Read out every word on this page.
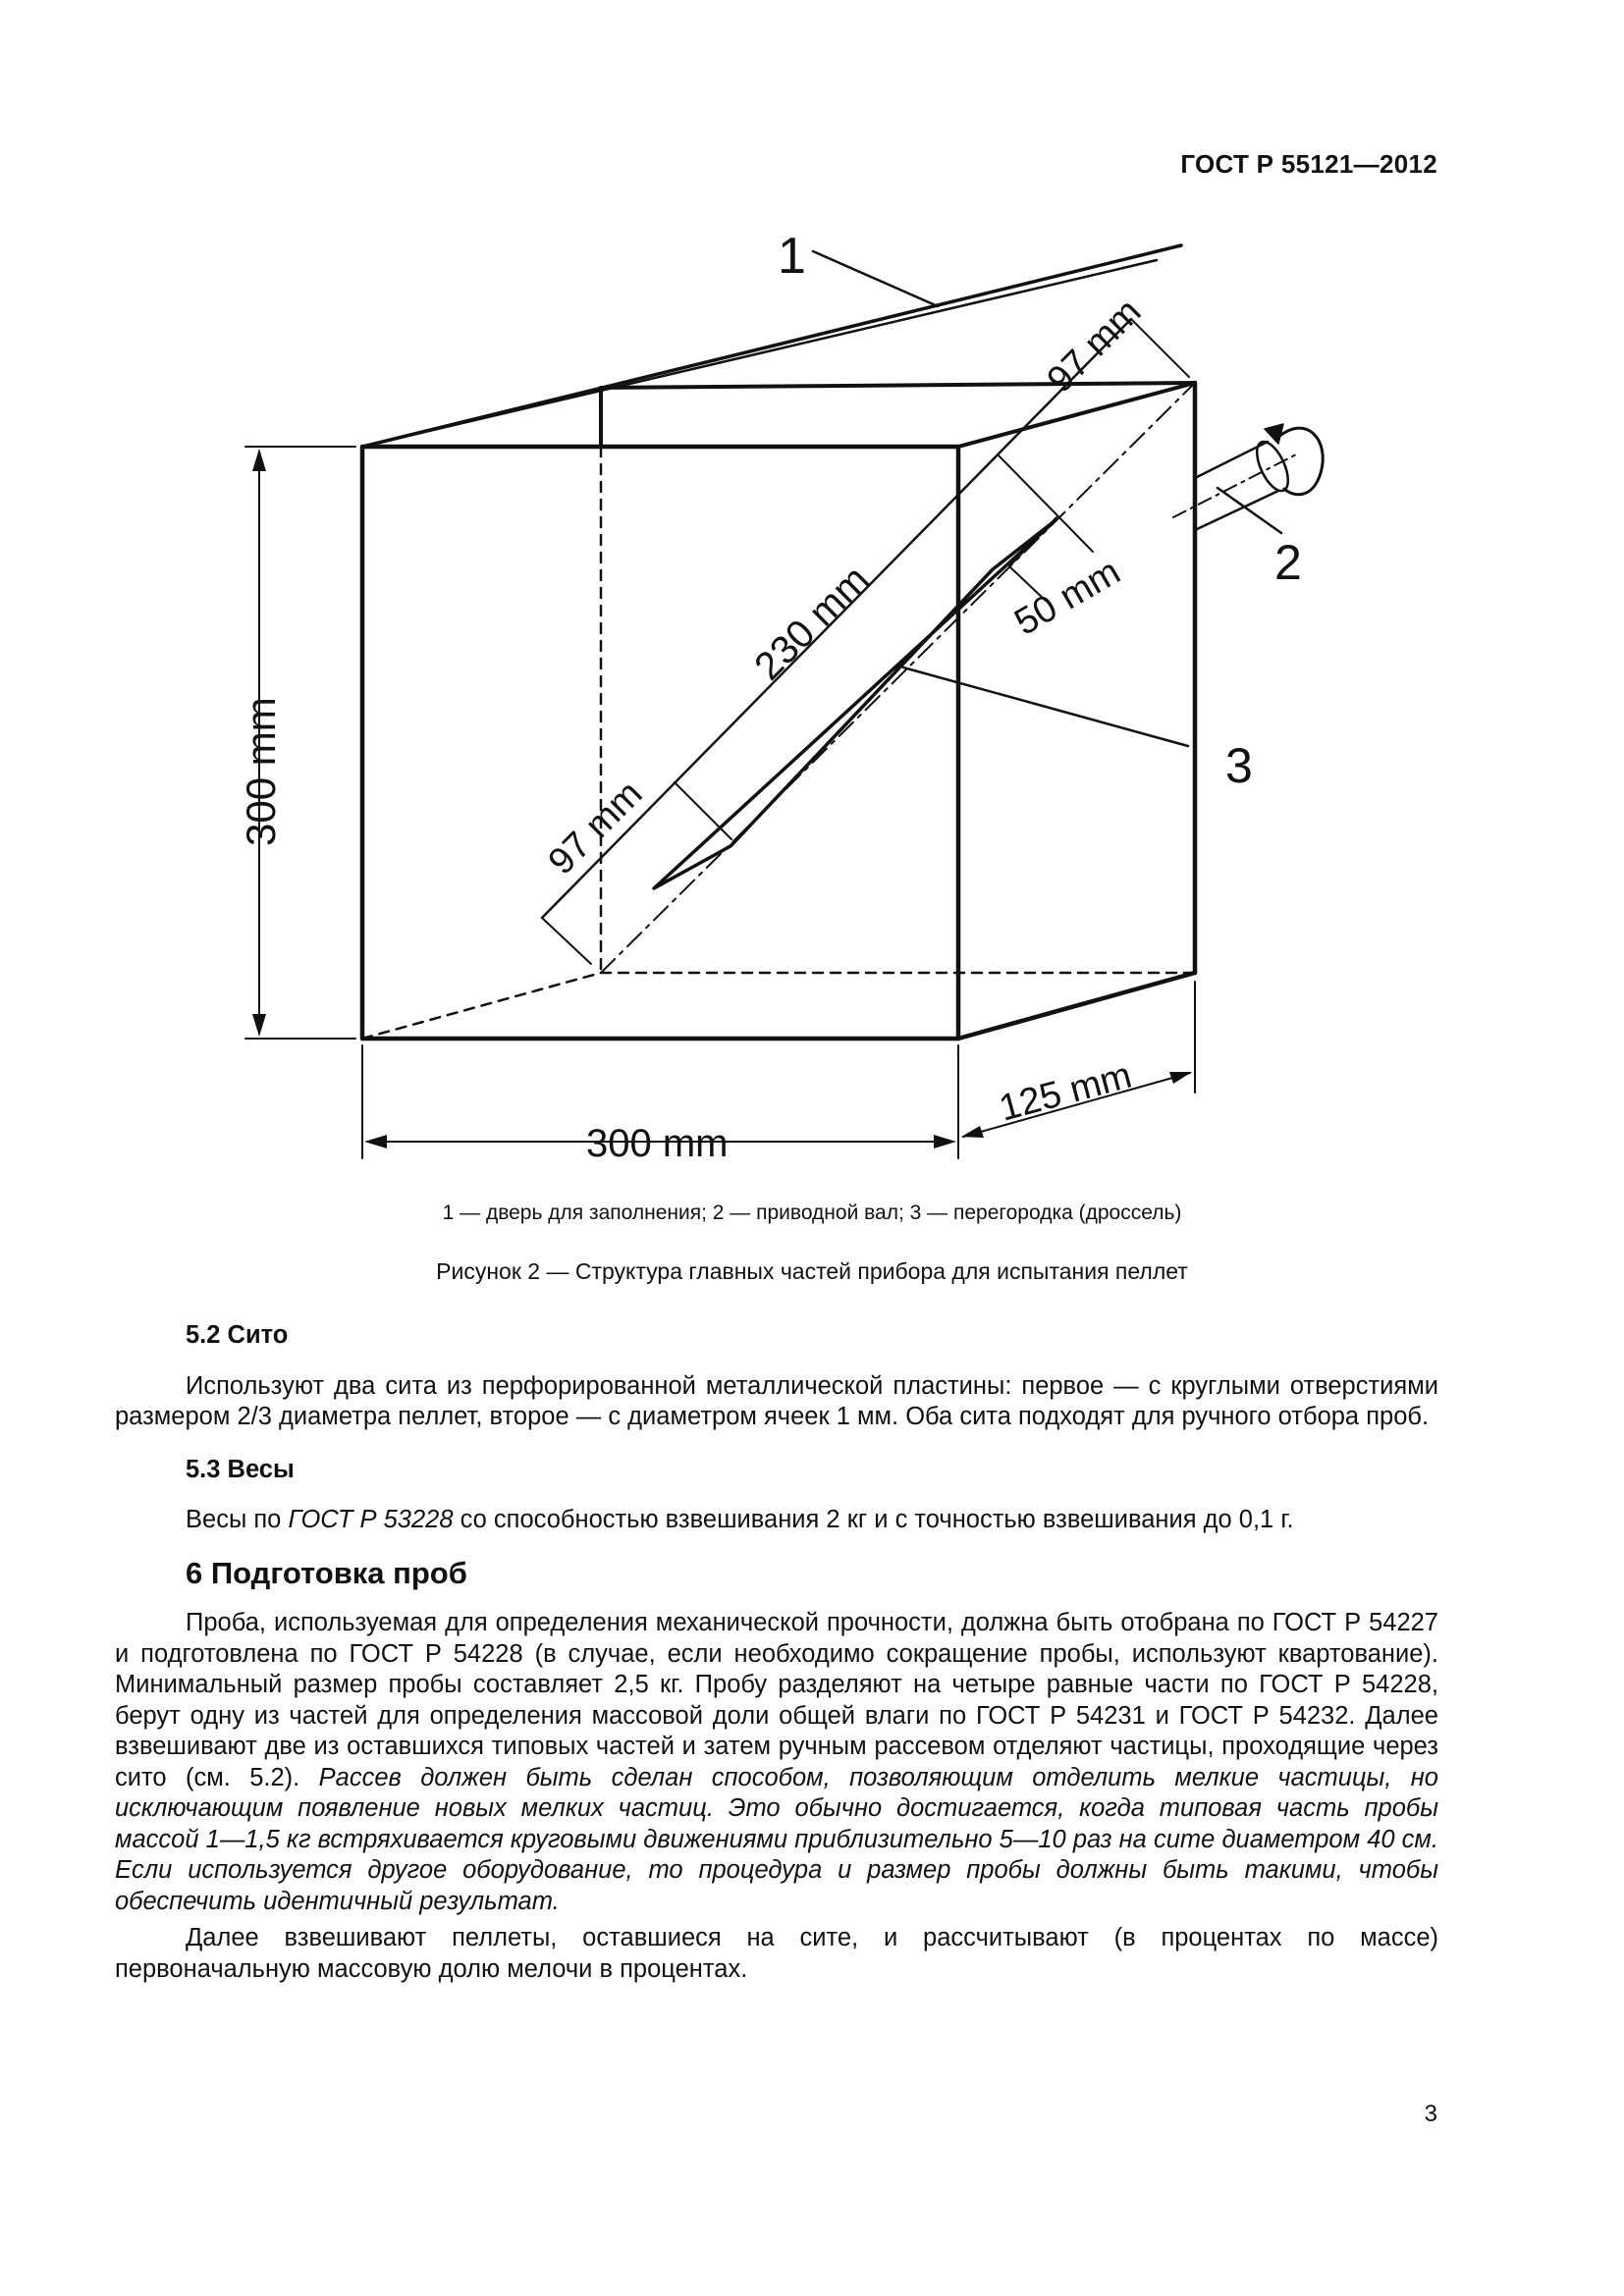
ГОСТ Р 55121—2012
1
2
3
97 mm
230 mm	50 mm
97 mm
300 mm
300 mm
125 mm
1 — дверь для заполнения; 2 — приводной вал; 3 — перегородка (дроссель)
Рисунок 2 — Структура главных частей прибора для испытания пеллет
5.2 Сито
Используют два сита из перфорированной металлической пластины: первое — с круглыми отверстиями размером 2/3 диаметра пеллет, второе — с диаметром ячеек 1 мм. Оба сита подходят для ручного отбора проб.
5.3 Весы
Весы по ГОСТ Р 53228 со способностью взвешивания 2 кг и с точностью взвешивания до 0,1 г.
6 Подготовка проб
Проба, используемая для определения механической прочности, должна быть отобрана по ГОСТ Р 54227 и подготовлена по ГОСТ Р 54228 (в случае, если необходимо сокращение пробы, используют квартование). Минимальный размер пробы составляет 2,5 кг. Пробу разделяют на четыре равные части по ГОСТ Р 54228, берут одну из частей для определения массовой доли общей влаги по ГОСТ Р 54231 и ГОСТ Р 54232. Далее взвешивают две из оставшихся типовых частей и затем ручным рассевом отделяют частицы, проходящие через сито (см. 5.2). Рассев должен быть сделан способом, позволяющим отделить мелкие частицы, но исключающим появление новых мелких частиц. Это обычно достигается, когда типовая часть пробы массой 1—1,5 кг встряхивается круговыми движениями приблизительно 5—10 раз на сите диаметром 40 см. Если используется другое оборудование, то процедура и размер пробы должны быть такими, чтобы обеспечить идентичный результат.
Далее взвешивают пеллеты, оставшиеся на сите, и рассчитывают (в процентах по массе) первоначальную массовую долю мелочи в процентах.
3
